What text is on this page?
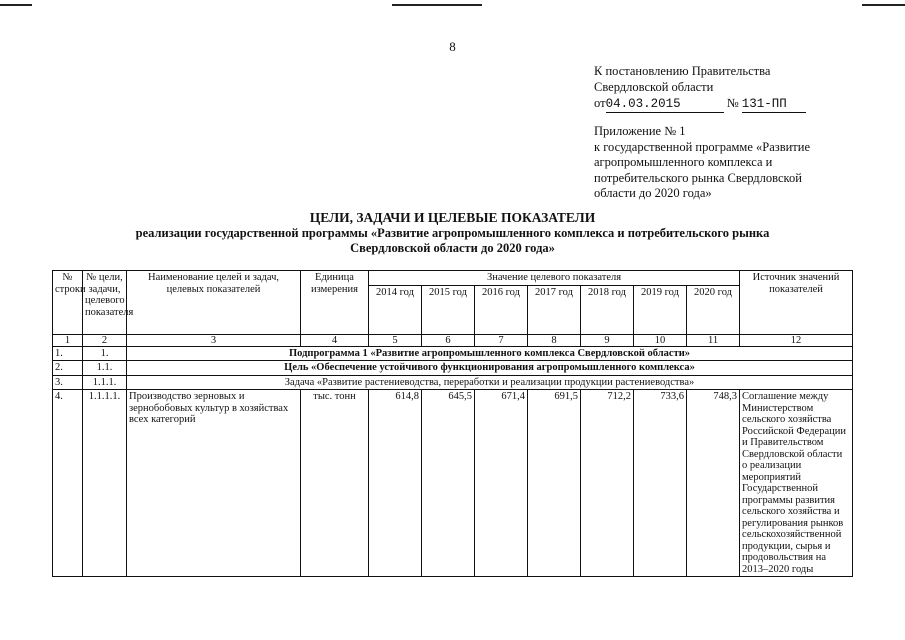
8
К постановлению Правительства
Свердловской области
от04.03.2015	№ 131-ПП
Приложение № 1
к государственной программе «Развитие
агропромышленного комплекса и
потребительского рынка Свердловской
области до 2020 года»
ЦЕЛИ, ЗАДАЧИ И ЦЕЛЕВЫЕ ПОКАЗАТЕЛИ
реализации государственной программы «Развитие агропромышленного комплекса и потребительского рынка
Свердловской области до 2020 года»
№ строки	№ цели, задачи, целевого показателя	Наименование целей и задач, целевых показателей	Единица измерения	Значение целевого показателя							Источник значений показателей
				2014 год	2015 год	2016 год	2017 год	2018 год	2019 год	2020 год	
1	2	3	4	5	6	7	8	9	10	11	12
1.	1.	Подпрограмма 1 «Развитие агропромышленного комплекса Свердловской области»									
2.	1.1.	Цель «Обеспечение устойчивого функционирования агропромышленного комплекса»									
3.	1.1.1.	Задача «Развитие растениеводства, переработки и реализации продукции растениеводства»									
4.	1.1.1.1.	Производство зерновых и зернобобовых культур в хозяйствах всех категорий	тыс. тонн	614,8	645,5	671,4	691,5	712,2	733,6	748,3	Соглашение между Министерством сельского хозяйства Российской Федерации и Правительством Свердловской области о реализации мероприятий Государственной программы развития сельского хозяйства и регулирования рынков сельскохозяйственной продукции, сырья и продовольствия на 2013–2020 годы
